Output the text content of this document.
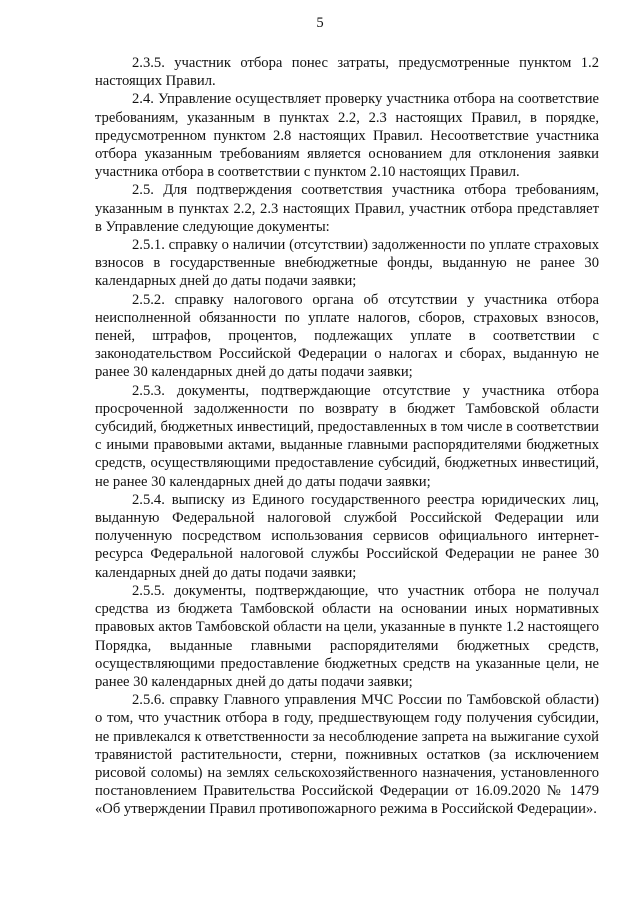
5

2.3.5. участник отбора понес затраты, предусмотренные пунктом 1.2 настоящих Правил.

2.4. Управление осуществляет проверку участника отбора на соответствие требованиям, указанным в пунктах 2.2, 2.3 настоящих Правил, в порядке, предусмотренном пунктом 2.8 настоящих Правил. Несоответствие участника отбора указанным требованиям является основанием для отклонения заявки участника отбора в соответствии с пунктом 2.10 настоящих Правил.

2.5. Для подтверждения соответствия участника отбора требованиям, указанным в пунктах 2.2, 2.3 настоящих Правил, участник отбора представляет в Управление следующие документы:

2.5.1. справку о наличии (отсутствии) задолженности по уплате страховых взносов в государственные внебюджетные фонды, выданную не ранее 30 календарных дней до даты подачи заявки;

2.5.2. справку налогового органа об отсутствии у участника отбора неисполненной обязанности по уплате налогов, сборов, страховых взносов, пеней, штрафов, процентов, подлежащих уплате в соответствии с законодательством Российской Федерации о налогах и сборах, выданную не ранее 30 календарных дней до даты подачи заявки;

2.5.3. документы, подтверждающие отсутствие у участника отбора просроченной задолженности по возврату в бюджет Тамбовской области субсидий, бюджетных инвестиций, предоставленных в том числе в соответствии с иными правовыми актами, выданные главными распорядителями бюджетных средств, осуществляющими предоставление субсидий, бюджетных инвестиций, не ранее 30 календарных дней до даты подачи заявки;

2.5.4. выписку из Единого государственного реестра юридических лиц, выданную Федеральной налоговой службой Российской Федерации или полученную посредством использования сервисов официального интернет-ресурса Федеральной налоговой службы Российской Федерации не ранее 30 календарных дней до даты подачи заявки;

2.5.5. документы, подтверждающие, что участник отбора не получал средства из бюджета Тамбовской области на основании иных нормативных правовых актов Тамбовской области на цели, указанные в пункте 1.2 настоящего Порядка, выданные главными распорядителями бюджетных средств, осуществляющими предоставление бюджетных средств на указанные цели, не ранее 30 календарных дней до даты подачи заявки;

2.5.6. справку Главного управления МЧС России по Тамбовской области) о том, что участник отбора в году, предшествующем году получения субсидии, не привлекался к ответственности за несоблюдение запрета на выжигание сухой травянистой растительности, стерни, пожнивных остатков (за исключением рисовой соломы) на землях сельскохозяйственного назначения, установленного постановлением Правительства Российской Федерации от 16.09.2020 № 1479 «Об утверждении Правил противопожарного режима в Российской Федерации».
